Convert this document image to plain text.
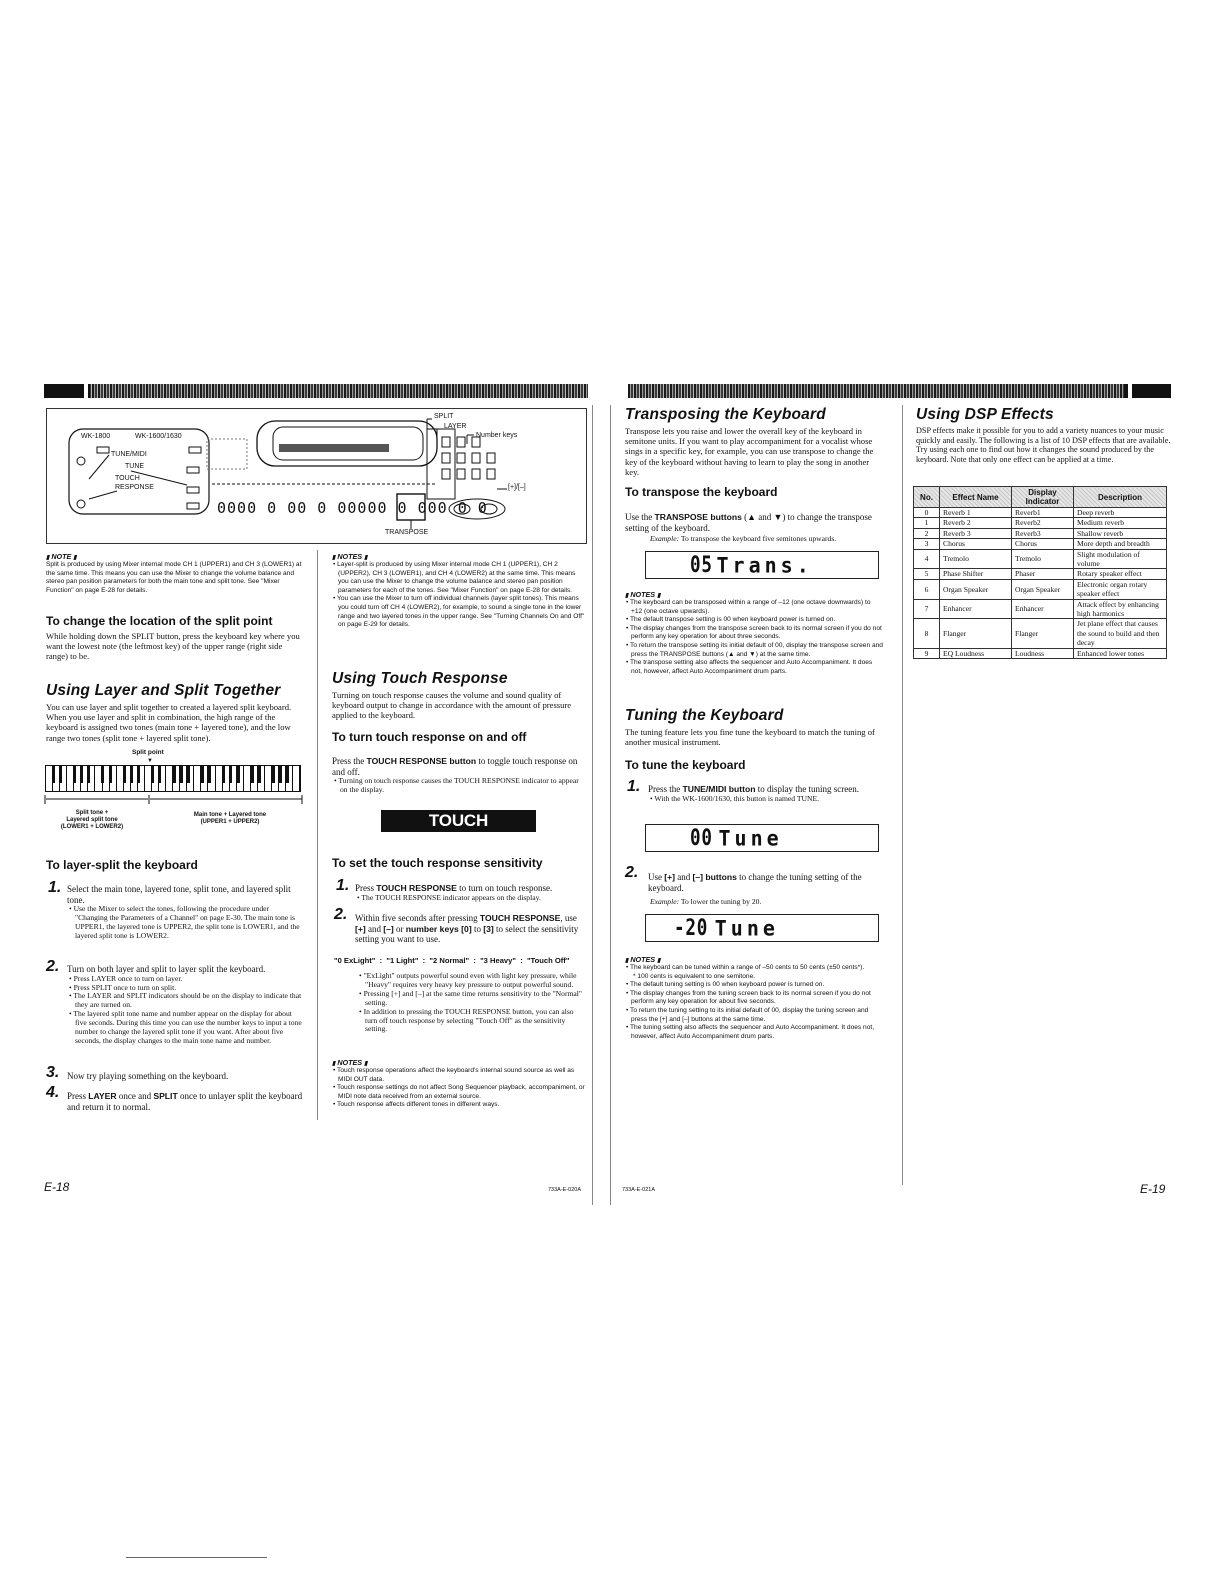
WK-1800	WK-1600/1630
TUNE/MIDI
TUNE
TOUCH
RESPONSE
SPLIT
LAYER
Number keys
[+]/[–]
0000 0 00 0 00000 0 000 0 0
TRANSPOSE
▮ NOTE ▮
Split is produced by using Mixer internal mode CH 1 (UPPER1) and CH 3 (LOWER1) at the same time. This means you can use the Mixer to change the volume balance and stereo pan position parameters for both the main tone and split tone. See "Mixer Function" on page E-28 for details.
To change the location of the split point
While holding down the SPLIT button, press the keyboard key where you want the lowest note (the leftmost key) of the upper range (right side range) to be.
Using Layer and Split Together
You can use layer and split together to created a layered split keyboard. When you use layer and split in combination, the high range of the keyboard is assigned two tones (main tone + layered tone), and the low range two tones (split tone + layered split tone).
Split point
▼
Split tone +
Layered split tone
(LOWER1 + LOWER2)
Main tone + Layered tone
(UPPER1 + UPPER2)
To layer-split the keyboard
1. Select the main tone, layered tone, split tone, and layered split tone.
• Use the Mixer to select the tones, following the procedure under "Changing the Parameters of a Channel" on page E-30. The main tone is UPPER1, the layered tone is UPPER2, the split tone is LOWER1, and the layered split tone is LOWER2.
2. Turn on both layer and split to layer split the keyboard.
• Press LAYER once to turn on layer.
• Press SPLIT once to turn on split.
• The LAYER and SPLIT indicators should be on the display to indicate that they are turned on.
• The layered split tone name and number appear on the display for about five seconds. During this time you can use the number keys to input a tone number to change the layered split tone if you want. After about five seconds, the display changes to the main tone name and number.
3. Now try playing something on the keyboard.
4. Press LAYER once and SPLIT once to unlayer split the keyboard and return it to normal.
E-18
▮ NOTES ▮
• Layer-split is produced by using Mixer internal mode CH 1 (UPPER1), CH 2 (UPPER2), CH 3 (LOWER1), and CH 4 (LOWER2) at the same time. This means you can use the Mixer to change the volume balance and stereo pan position parameters for each of the tones. See "Mixer Function" on page E-28 for details.
• You can use the Mixer to turn off individual channels (layer split tones). This means you could turn off CH 4 (LOWER2), for example, to sound a single tone in the lower range and two layered tones in the upper range. See "Turning Channels On and Off" on page E-29 for details.
Using Touch Response
Turning on touch response causes the volume and sound quality of keyboard output to change in accordance with the amount of pressure applied to the keyboard.
To turn touch response on and off
Press the TOUCH RESPONSE button to toggle touch response on and off.
• Turning on touch response causes the TOUCH RESPONSE indicator to appear on the display.
TOUCH RESPONSE
To set the touch response sensitivity
1. Press TOUCH RESPONSE to turn on touch response.
• The TOUCH RESPONSE indicator appears on the display.
2. Within five seconds after pressing TOUCH RESPONSE, use [+] and [–] or number keys [0] to [3] to select the sensitivity setting you want to use.
"0 ExLight"  :  "1 Light"  :  "2 Normal"  :  "3 Heavy"  :  "Touch Off"
• "ExLight" outputs powerful sound even with light key pressure, while "Heavy" requires very heavy key pressure to output powerful sound.
• Pressing [+] and [–] at the same time returns sensitivity to the "Normal" setting.
• In addition to pressing the TOUCH RESPONSE button, you can also turn off touch response by selecting "Touch Off" as the sensitivity setting.
▮ NOTES ▮
• Touch response operations affect the keyboard's internal sound source as well as MIDI OUT data.
• Touch response settings do not affect Song Sequencer playback, accompaniment, or MIDI note data received from an external source.
• Touch response affects different tones in different ways.
733A-E-020A
Transposing the Keyboard
Transpose lets you raise and lower the overall key of the keyboard in semitone units. If you want to play accompaniment for a vocalist whose sings in a specific key, for example, you can use transpose to change the key of the keyboard without having to learn to play the song in another key.
To transpose the keyboard
Use the TRANSPOSE buttons (▲ and ▼) to change the transpose setting of the keyboard.
Example: To transpose the keyboard five semitones upwards.
05 Trans.
▮ NOTES ▮
• The keyboard can be transposed within a range of –12 (one octave downwards) to +12 (one octave upwards).
• The default transpose setting is 00 when keyboard power is turned on.
• The display changes from the transpose screen back to its normal screen if you do not perform any key operation for about three seconds.
• To return the transpose setting its initial default of 00, display the transpose screen and press the TRANSPOSE buttons (▲ and ▼) at the same time.
• The transpose setting also affects the sequencer and Auto Accompaniment. It does not, however, affect Auto Accompaniment drum parts.
Tuning the Keyboard
The tuning feature lets you fine tune the keyboard to match the tuning of another musical instrument.
To tune the keyboard
1. Press the TUNE/MIDI button to display the tuning screen.
• With the WK-1600/1630, this button is named TUNE.
00 Tune
2. Use [+] and [–] buttons to change the tuning setting of the keyboard.
Example: To lower the tuning by 20.
-20 Tune
▮ NOTES ▮
• The keyboard can be tuned within a range of –50 cents to 50 cents (±50 cents*).
* 100 cents is equivalent to one semitone.
• The default tuning setting is 00 when keyboard power is turned on.
• The display changes from the tuning screen back to its normal screen if you do not perform any key operation for about five seconds.
• To return the tuning setting to its initial default of 00, display the tuning screen and press the [+] and [–] buttons at the same time.
• The tuning setting also affects the sequencer and Auto Accompaniment. It does not, however, affect Auto Accompaniment drum parts.
733A-E-021A
Using DSP Effects
DSP effects make it possible for you to add a variety nuances to your music quickly and easily. The following is a list of 10 DSP effects that are available. Try using each one to find out how it changes the sound produced by the keyboard. Note that only one effect can be applied at a time.
No.	Effect Name	Display Indicator	Description
0	Reverb 1	Reverb1	Deep reverb
1	Reverb 2	Reverb2	Medium reverb
2	Reverb 3	Reverb3	Shallow reverb
3	Chorus	Chorus	More depth and breadth
4	Tremolo	Tremolo	Slight modulation of volume
5	Phase Shifter	Phaser	Rotary speaker effect
6	Organ Speaker	Organ Speaker	Electronic organ rotary speaker effect
7	Enhancer	Enhancer	Attack effect by enhancing high harmonics
8	Flanger	Flanger	Jet plane effect that causes the sound to build and then decay
9	EQ Loudness	Loudness	Enhanced lower tones
E-19
